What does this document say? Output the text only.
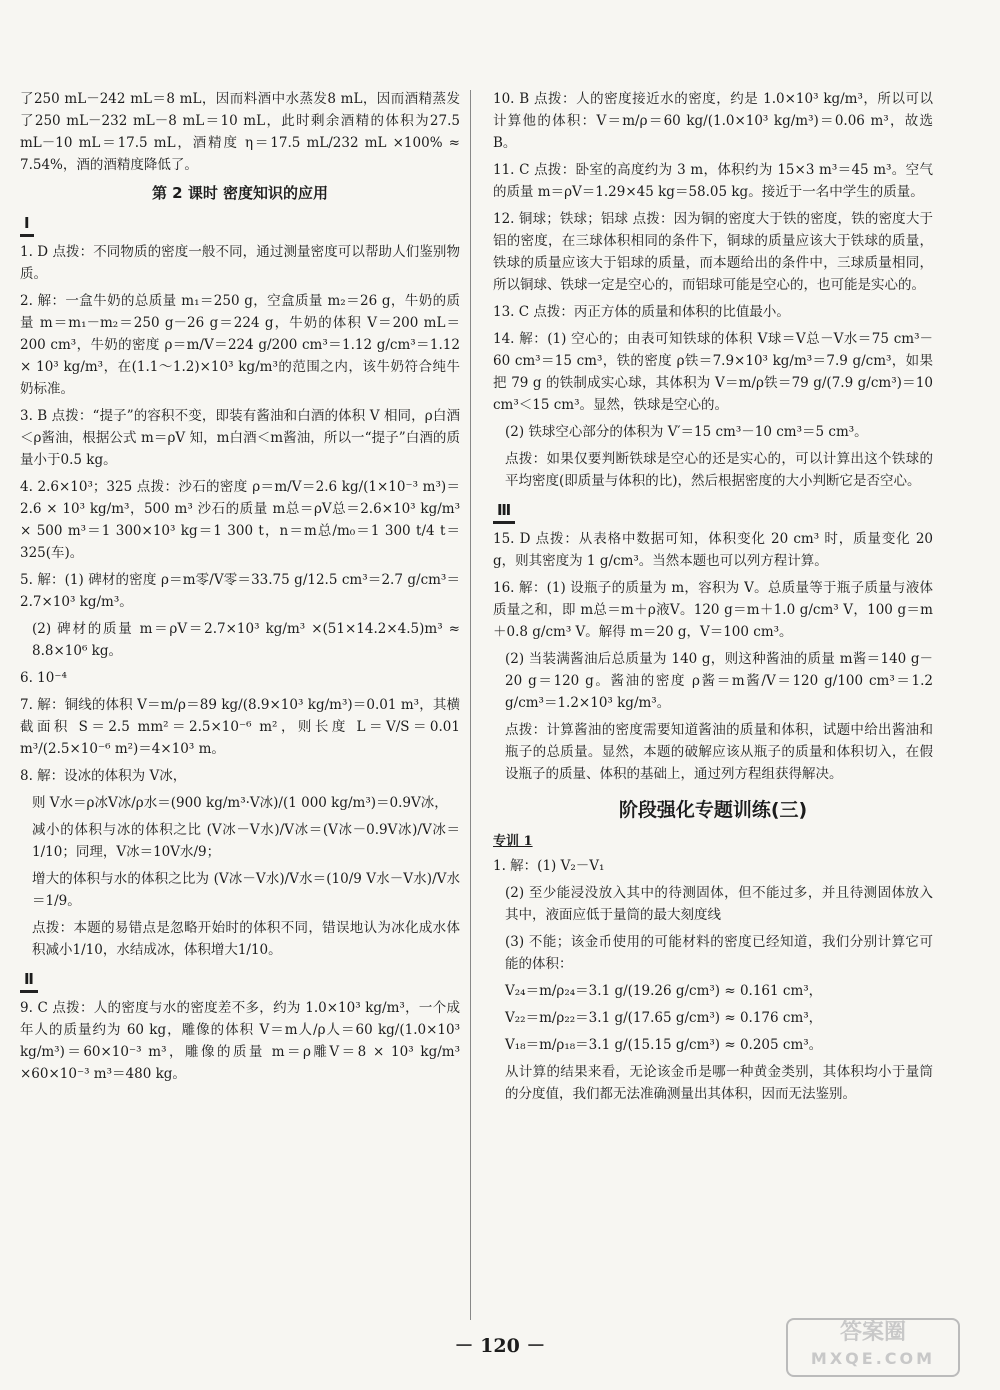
了250 mL－242 mL＝8 mL，因而料酒中水蒸发8 mL，因而酒精蒸发了250 mL－232 mL－8 mL＝10 mL，此时剩余酒精的体积为27.5 mL－10 mL＝17.5 mL，酒精度 η＝17.5 mL/232 mL ×100% ≈ 7.54%，酒的酒精度降低了。

第 2 课时 密度知识的应用
Ⅰ

1. D 点拨：不同物质的密度一般不同，通过测量密度可以帮助人们鉴别物质。

2. 解：一盒牛奶的总质量 m₁＝250 g，空盒质量 m₂＝26 g，牛奶的质量 m＝m₁－m₂＝250 g－26 g＝224 g，牛奶的体积 V＝200 mL＝200 cm³，牛奶的密度 ρ＝m/V＝224 g/200 cm³＝1.12 g/cm³＝1.12 × 10³ kg/m³，在(1.1～1.2)×10³ kg/m³的范围之内，该牛奶符合纯牛奶标准。

3. B 点拨：“提子”的容积不变，即装有酱油和白酒的体积 V 相同，ρ白酒＜ρ酱油，根据公式 m＝ρV 知，m白酒＜m酱油，所以一“提子”白酒的质量小于0.5 kg。

4. 2.6×10³；325 点拨：沙石的密度 ρ＝m/V＝2.6 kg/(1×10⁻³ m³)＝2.6 × 10³ kg/m³，500 m³ 沙石的质量 m总＝ρV总＝2.6×10³ kg/m³ × 500 m³＝1 300×10³ kg＝1 300 t，n＝m总/m₀＝1 300 t/4 t＝325(车)。

5. 解：(1) 碑材的密度 ρ＝m零/V零＝33.75 g/12.5 cm³＝2.7 g/cm³＝2.7×10³ kg/m³。

(2) 碑材的质量 m＝ρV＝2.7×10³ kg/m³ ×(51×14.2×4.5)m³ ≈ 8.8×10⁶ kg。

6. 10⁻⁴

7. 解：铜线的体积 V＝m/ρ＝89 kg/(8.9×10³ kg/m³)＝0.01 m³，其横截面积 S＝2.5 mm²＝2.5×10⁻⁶ m²，则长度 L＝V/S＝0.01 m³/(2.5×10⁻⁶ m²)＝4×10³ m。

8. 解：设冰的体积为 V冰，

则 V水＝ρ冰V冰/ρ水＝(900 kg/m³·V冰)/(1 000 kg/m³)＝0.9V冰，

减小的体积与冰的体积之比 (V冰－V水)/V冰＝(V冰－0.9V冰)/V冰＝1/10；同理，V冰＝10V水/9；

增大的体积与水的体积之比为 (V冰－V水)/V水＝(10/9 V水－V水)/V水＝1/9。

点拨：本题的易错点是忽略开始时的体积不同，错误地认为冰化成水体积减小1/10，水结成冰，体积增大1/10。

Ⅱ

9. C 点拨：人的密度与水的密度差不多，约为 1.0×10³ kg/m³，一个成年人的质量约为 60 kg，雕像的体积 V＝m人/ρ人＝60 kg/(1.0×10³ kg/m³)＝60×10⁻³ m³，雕像的质量 m＝ρ雕V＝8 × 10³ kg/m³ ×60×10⁻³ m³＝480 kg。

10. B 点拨：人的密度接近水的密度，约是 1.0×10³ kg/m³，所以可以计算他的体积：V＝m/ρ＝60 kg/(1.0×10³ kg/m³)＝0.06 m³，故选 B。

11. C 点拨：卧室的高度约为 3 m，体积约为 15×3 m³＝45 m³。空气的质量 m＝ρV＝1.29×45 kg＝58.05 kg。接近于一名中学生的质量。

12. 铜球；铁球；铝球 点拨：因为铜的密度大于铁的密度，铁的密度大于铝的密度，在三球体积相同的条件下，铜球的质量应该大于铁球的质量，铁球的质量应该大于铝球的质量，而本题给出的条件中，三球质量相同，所以铜球、铁球一定是空心的，而铝球可能是空心的，也可能是实心的。

13. C 点拨：丙正方体的质量和体积的比值最小。

14. 解：(1) 空心的；由表可知铁球的体积 V球＝V总－V水＝75 cm³－60 cm³＝15 cm³，铁的密度 ρ铁＝7.9×10³ kg/m³＝7.9 g/cm³，如果把 79 g 的铁制成实心球，其体积为 V＝m/ρ铁＝79 g/(7.9 g/cm³)＝10 cm³＜15 cm³。显然，铁球是空心的。

(2) 铁球空心部分的体积为 V′＝15 cm³－10 cm³＝5 cm³。

点拨：如果仅要判断铁球是空心的还是实心的，可以计算出这个铁球的平均密度(即质量与体积的比)，然后根据密度的大小判断它是否空心。

Ⅲ

15. D 点拨：从表格中数据可知，体积变化 20 cm³ 时，质量变化 20 g，则其密度为 1 g/cm³。当然本题也可以列方程计算。

16. 解：(1) 设瓶子的质量为 m，容积为 V。总质量等于瓶子质量与液体质量之和，即 m总＝m＋ρ液V。120 g＝m＋1.0 g/cm³ V，100 g＝m＋0.8 g/cm³ V。解得 m＝20 g，V＝100 cm³。

(2) 当装满酱油后总质量为 140 g，则这种酱油的质量 m酱＝140 g－20 g＝120 g。酱油的密度 ρ酱＝m酱/V＝120 g/100 cm³＝1.2 g/cm³＝1.2×10³ kg/m³。

点拨：计算酱油的密度需要知道酱油的质量和体积，试题中给出酱油和瓶子的总质量。显然，本题的破解应该从瓶子的质量和体积切入，在假设瓶子的质量、体积的基础上，通过列方程组获得解决。

阶段强化专题训练(三)
专训 1

1. 解：(1) V₂－V₁

(2) 至少能浸没放入其中的待测固体，但不能过多，并且待测固体放入其中，液面应低于量筒的最大刻度线

(3) 不能；该金币使用的可能材料的密度已经知道，我们分别计算它可能的体积：

V₂₄＝m/ρ₂₄＝3.1 g/(19.26 g/cm³) ≈ 0.161 cm³，

V₂₂＝m/ρ₂₂＝3.1 g/(17.65 g/cm³) ≈ 0.176 cm³，

V₁₈＝m/ρ₁₈＝3.1 g/(15.15 g/cm³) ≈ 0.205 cm³。

从计算的结果来看，无论该金币是哪一种黄金类别，其体积均小于量筒的分度值，我们都无法准确测量出其体积，因而无法鉴别。

－ 120 －
答案圈
MXQE.COM
